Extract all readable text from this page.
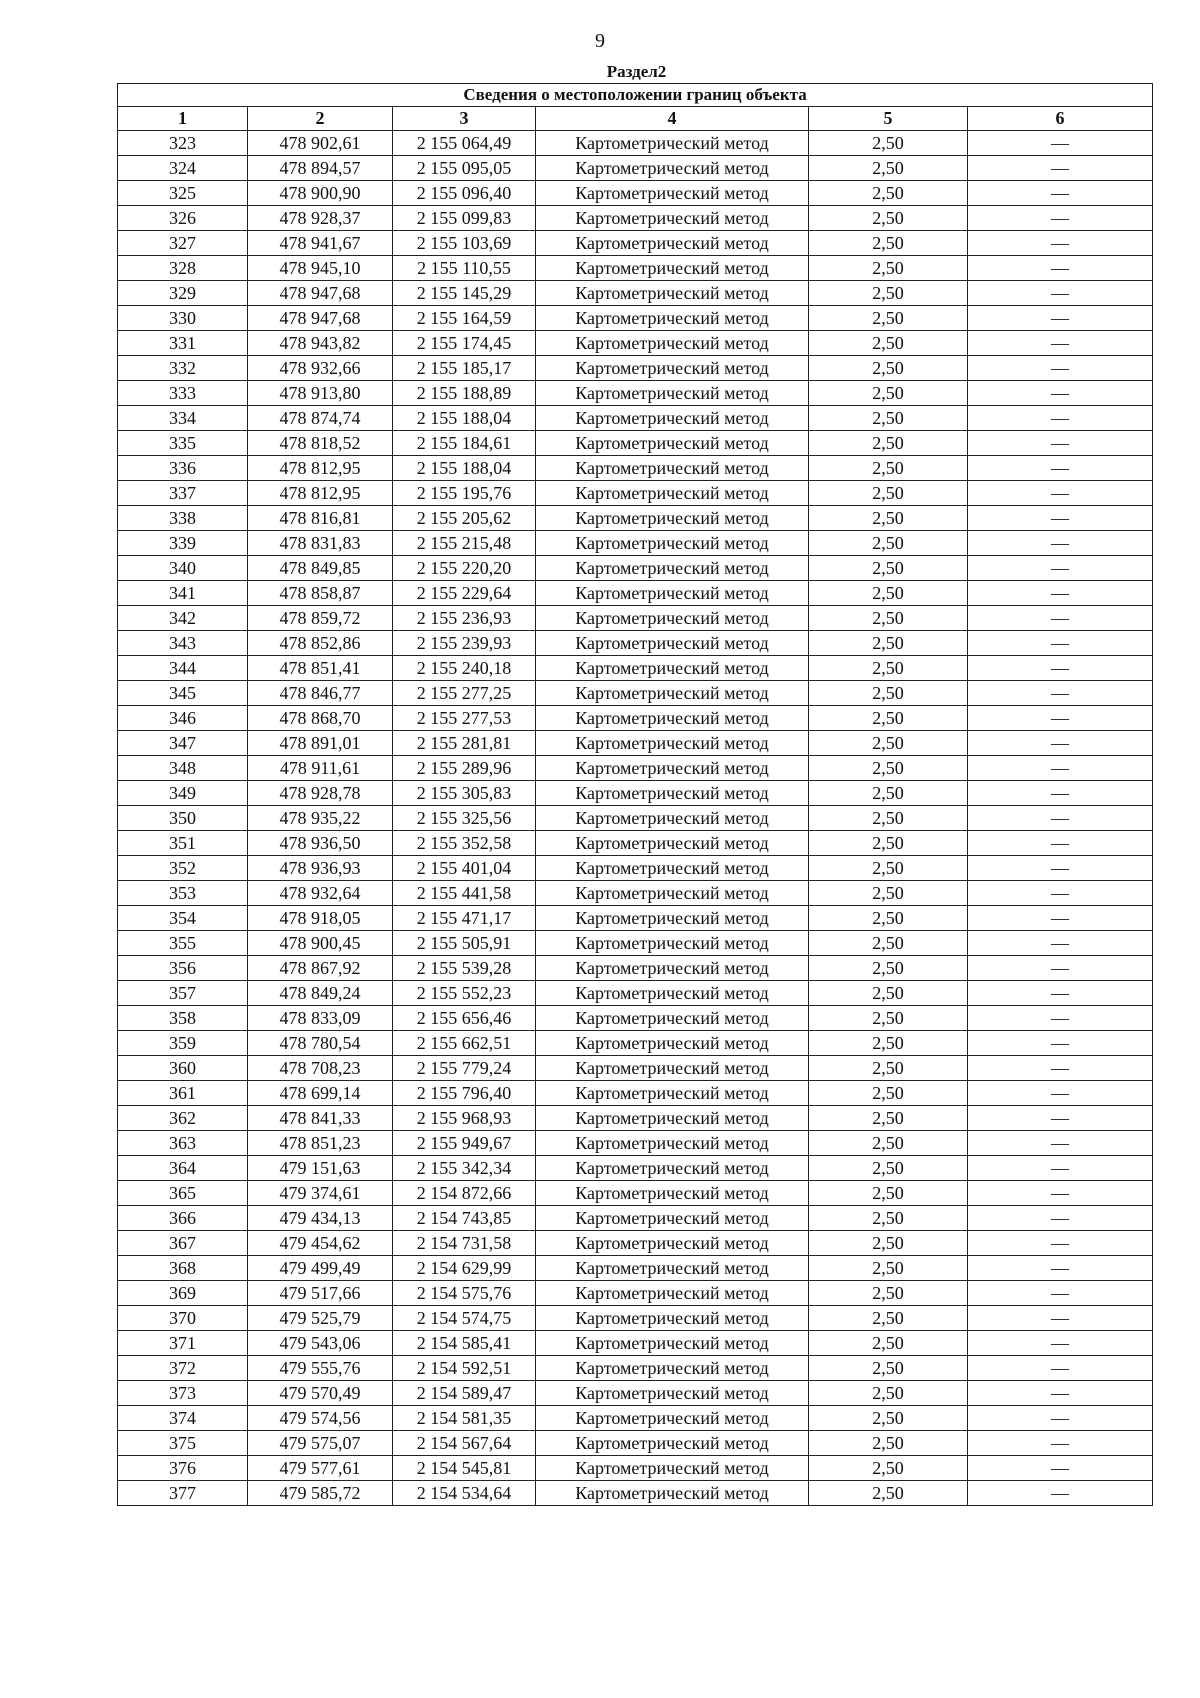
9
Раздел2
Сведения о местоположении границ объекта					
1	2	3	4	5	6
323	478 902,61	2 155 064,49	Картометрический метод	2,50	—
324	478 894,57	2 155 095,05	Картометрический метод	2,50	—
325	478 900,90	2 155 096,40	Картометрический метод	2,50	—
326	478 928,37	2 155 099,83	Картометрический метод	2,50	—
327	478 941,67	2 155 103,69	Картометрический метод	2,50	—
328	478 945,10	2 155 110,55	Картометрический метод	2,50	—
329	478 947,68	2 155 145,29	Картометрический метод	2,50	—
330	478 947,68	2 155 164,59	Картометрический метод	2,50	—
331	478 943,82	2 155 174,45	Картометрический метод	2,50	—
332	478 932,66	2 155 185,17	Картометрический метод	2,50	—
333	478 913,80	2 155 188,89	Картометрический метод	2,50	—
334	478 874,74	2 155 188,04	Картометрический метод	2,50	—
335	478 818,52	2 155 184,61	Картометрический метод	2,50	—
336	478 812,95	2 155 188,04	Картометрический метод	2,50	—
337	478 812,95	2 155 195,76	Картометрический метод	2,50	—
338	478 816,81	2 155 205,62	Картометрический метод	2,50	—
339	478 831,83	2 155 215,48	Картометрический метод	2,50	—
340	478 849,85	2 155 220,20	Картометрический метод	2,50	—
341	478 858,87	2 155 229,64	Картометрический метод	2,50	—
342	478 859,72	2 155 236,93	Картометрический метод	2,50	—
343	478 852,86	2 155 239,93	Картометрический метод	2,50	—
344	478 851,41	2 155 240,18	Картометрический метод	2,50	—
345	478 846,77	2 155 277,25	Картометрический метод	2,50	—
346	478 868,70	2 155 277,53	Картометрический метод	2,50	—
347	478 891,01	2 155 281,81	Картометрический метод	2,50	—
348	478 911,61	2 155 289,96	Картометрический метод	2,50	—
349	478 928,78	2 155 305,83	Картометрический метод	2,50	—
350	478 935,22	2 155 325,56	Картометрический метод	2,50	—
351	478 936,50	2 155 352,58	Картометрический метод	2,50	—
352	478 936,93	2 155 401,04	Картометрический метод	2,50	—
353	478 932,64	2 155 441,58	Картометрический метод	2,50	—
354	478 918,05	2 155 471,17	Картометрический метод	2,50	—
355	478 900,45	2 155 505,91	Картометрический метод	2,50	—
356	478 867,92	2 155 539,28	Картометрический метод	2,50	—
357	478 849,24	2 155 552,23	Картометрический метод	2,50	—
358	478 833,09	2 155 656,46	Картометрический метод	2,50	—
359	478 780,54	2 155 662,51	Картометрический метод	2,50	—
360	478 708,23	2 155 779,24	Картометрический метод	2,50	—
361	478 699,14	2 155 796,40	Картометрический метод	2,50	—
362	478 841,33	2 155 968,93	Картометрический метод	2,50	—
363	478 851,23	2 155 949,67	Картометрический метод	2,50	—
364	479 151,63	2 155 342,34	Картометрический метод	2,50	—
365	479 374,61	2 154 872,66	Картометрический метод	2,50	—
366	479 434,13	2 154 743,85	Картометрический метод	2,50	—
367	479 454,62	2 154 731,58	Картометрический метод	2,50	—
368	479 499,49	2 154 629,99	Картометрический метод	2,50	—
369	479 517,66	2 154 575,76	Картометрический метод	2,50	—
370	479 525,79	2 154 574,75	Картометрический метод	2,50	—
371	479 543,06	2 154 585,41	Картометрический метод	2,50	—
372	479 555,76	2 154 592,51	Картометрический метод	2,50	—
373	479 570,49	2 154 589,47	Картометрический метод	2,50	—
374	479 574,56	2 154 581,35	Картометрический метод	2,50	—
375	479 575,07	2 154 567,64	Картометрический метод	2,50	—
376	479 577,61	2 154 545,81	Картометрический метод	2,50	—
377	479 585,72	2 154 534,64	Картометрический метод	2,50	—
